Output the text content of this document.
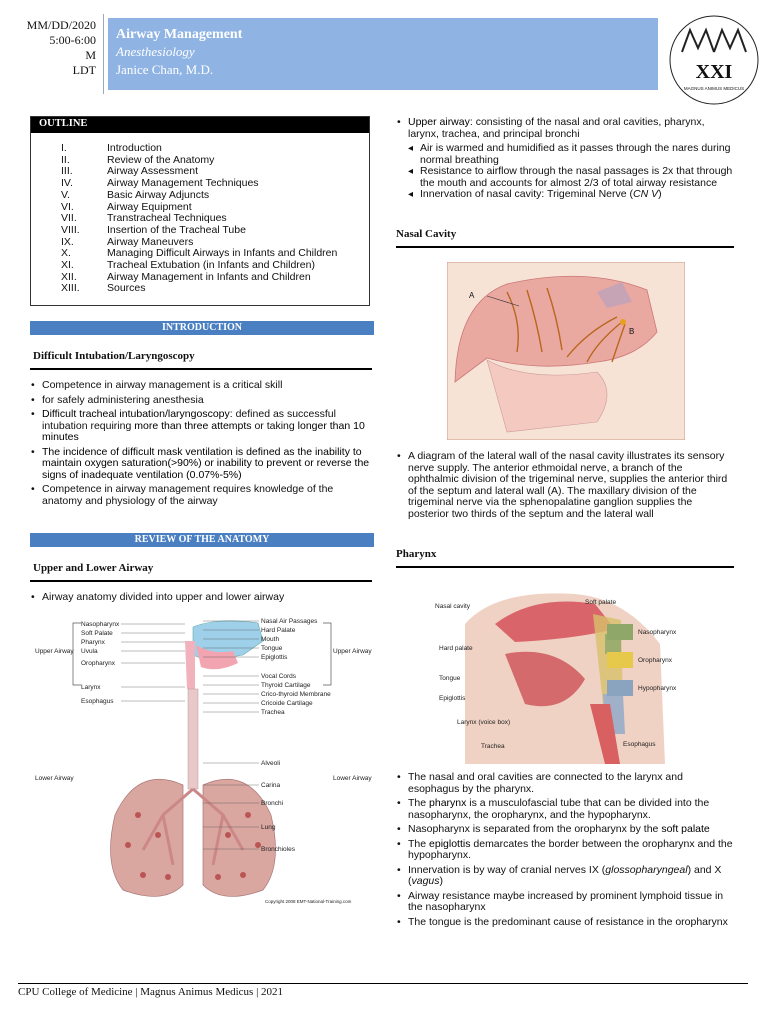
MM/DD/2020
5:00-6:00
M
LDT
Airway Management
Anesthesiology
Janice Chan, M.D.	XXI
MAGNUS ANIMUS MEDICUS
OUTLINE
I.	Introduction
II.	Review of the Anatomy
III.	Airway Assessment
IV.	Airway Management Techniques
V.	Basic Airway Adjuncts
VI.	Airway Equipment
VII.	Transtracheal Techniques
VIII.	Insertion of the Tracheal Tube
IX.	Airway Maneuvers
X.	Managing Difficult Airways in Infants and Children
XI.	Tracheal Extubation (in Infants and Children)
XII.	Airway Management in Infants and Children
XIII.	Sources
INTRODUCTION
Difficult Intubation/Laryngoscopy
• Competence in airway management is a critical skill
• for safely administering anesthesia
• Difficult tracheal intubation/laryngoscopy: defined as successful intubation requiring more than three attempts or taking longer than 10 minutes
• The incidence of difficult mask ventilation is defined as the inability to maintain oxygen saturation(>90%) or inability to prevent or reverse the signs of inadequate ventilation (0.07%-5%)
• Competence in airway management requires knowledge of the anatomy and physiology of the airway
REVIEW OF THE ANATOMY
Upper and Lower Airway
• Airway anatomy divided into upper and lower airway
Upper Airway	Upper Airway
Lower Airway	Lower Airway
Nasopharynx
Soft Palate
Pharynx
Uvula
Oropharynx
Larynx
Esophagus
Nasal Air Passages
Hard Palate
Mouth
Tongue
Epiglottis
Vocal Cords
Thyroid Cartilage
Crico-thyroid Membrane
Cricoide Cartilage
Trachea
Alveoli
Carina
Bronchi
Lung
Bronchioles
Copyright 2008 EMT-National-Training.com
• Upper airway: consisting of the nasal and oral cavities, pharynx, larynx, trachea, and principal bronchi
◂ Air is warmed and humidified as it passes through the nares during normal breathing
◂ Resistance to airflow through the nasal passages is 2x that through the mouth and accounts for almost 2/3 of total airway resistance
◂ Innervation of nasal cavity: Trigeminal Nerve (CN V)
Nasal Cavity
A
B
• A diagram of the lateral wall of the nasal cavity illustrates its sensory nerve supply. The anterior ethmoidal nerve, a branch of the ophthalmic division of the trigeminal nerve, supplies the anterior third of the septum and lateral wall (A). The maxillary division of the trigeminal nerve via the sphenopalatine ganglion supplies the posterior two thirds of the septum and the lateral wall
Pharynx
Nasopharynx
Oropharynx
Hypopharynx
Nasal cavity
Soft palate
Hard palate
Tongue
Epiglottis
Larynx (voice box)
Trachea	Esophagus
• The nasal and oral cavities are connected to the larynx and esophagus by the pharynx.
• The pharynx is a musculofascial tube that can be divided into the nasopharynx, the oropharynx, and the hypopharynx.
• Nasopharynx is separated from the oropharynx by the soft palate
• The epiglottis demarcates the border between the oropharynx and the hypopharynx.
• Innervation is by way of cranial nerves IX (glossopharyngeal) and X (vagus)
• Airway resistance maybe increased by prominent lymphoid tissue in the nasopharynx
• The tongue is the predominant cause of resistance in the oropharynx
CPU College of Medicine | Magnus Animus Medicus | 2021
